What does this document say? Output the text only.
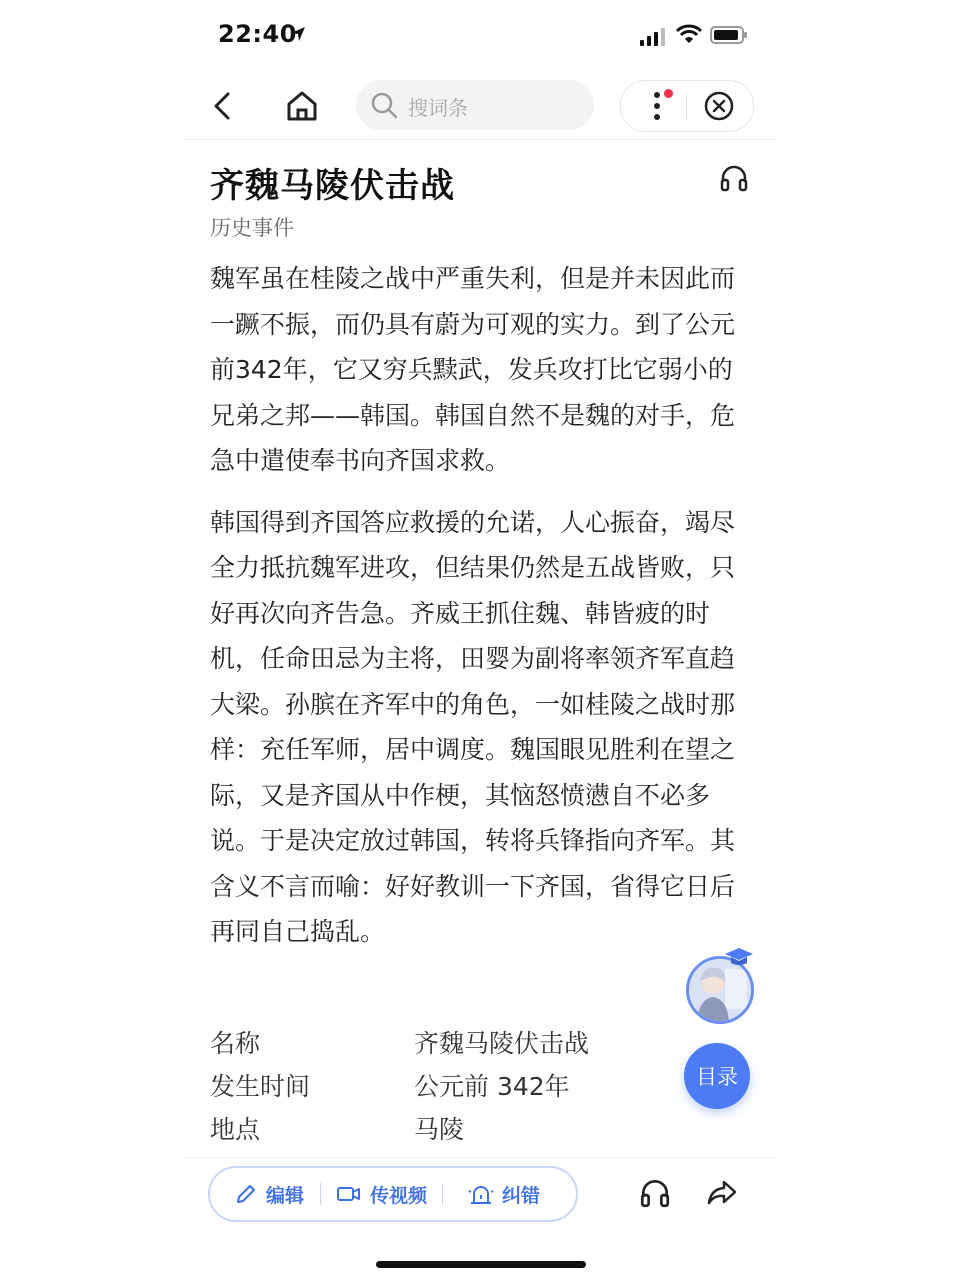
22:40
搜词条
齐魏马陵伏击战
历史事件

魏军虽在桂陵之战中严重失利，但是并未因此而一蹶不振，而仍具有蔚为可观的实力。到了公元前342年，它又穷兵黩武，发兵攻打比它弱小的兄弟之邦——韩国。韩国自然不是魏的对手，危急中遣使奉书向齐国求救。

韩国得到齐国答应救援的允诺，人心振奋，竭尽全力抵抗魏军进攻，但结果仍然是五战皆败，只好再次向齐告急。齐威王抓住魏、韩皆疲的时机，任命田忌为主将，田婴为副将率领齐军直趋大梁。孙膑在齐军中的角色，一如桂陵之战时那样：充任军师，居中调度。魏国眼见胜利在望之际，又是齐国从中作梗，其恼怒愤懑自不必多说。于是决定放过韩国，转将兵锋指向齐军。其含义不言而喻：好好教训一下齐国，省得它日后再同自己捣乱。

名称	齐魏马陵伏击战
发生时间	公元前 342年
地点	马陵
目录
编辑	传视频	纠错
